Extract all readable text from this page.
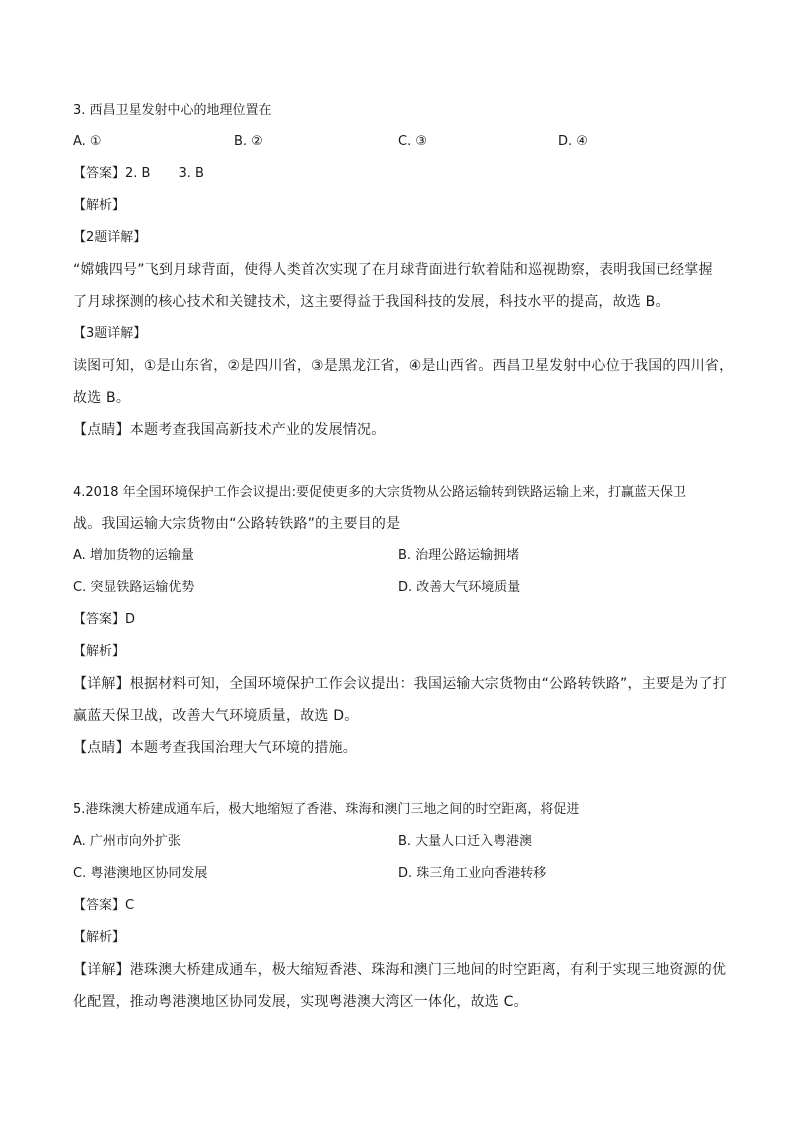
3. 西昌卫星发射中心的地理位置在
A. ①	B. ②	C. ③	D. ④
【答案】2. B 3. B
【解析】
【2题详解】
“嫦娥四号”飞到月球背面，使得人类首次实现了在月球背面进行软着陆和巡视勘察，表明我国已经掌握
了月球探测的核心技术和关键技术，这主要得益于我国科技的发展，科技水平的提高，故选 B。
【3题详解】
读图可知，①是山东省，②是四川省，③是黑龙江省，④是山西省。西昌卫星发射中心位于我国的四川省，
故选 B。
【点睛】本题考查我国高新技术产业的发展情况。
4.2018 年全国环境保护工作会议提出:要促使更多的大宗货物从公路运输转到铁路运输上来，打赢蓝天保卫
战。我国运输大宗货物由“公路转铁路”的主要目的是
A. 增加货物的运输量	B. 治理公路运输拥堵
C. 突显铁路运输优势	D. 改善大气环境质量
【答案】D
【解析】
【详解】根据材料可知，全国环境保护工作会议提出：我国运输大宗货物由“公路转铁路”，主要是为了打
赢蓝天保卫战，改善大气环境质量，故选 D。
【点睛】本题考查我国治理大气环境的措施。
5.港珠澳大桥建成通车后，极大地缩短了香港、珠海和澳门三地之间的时空距离，将促进
A. 广州市向外扩张	B. 大量人口迁入粤港澳
C. 粤港澳地区协同发展	D. 珠三角工业向香港转移
【答案】C
【解析】
【详解】港珠澳大桥建成通车，极大缩短香港、珠海和澳门三地间的时空距离，有利于实现三地资源的优
化配置，推动粤港澳地区协同发展，实现粤港澳大湾区一体化，故选 C。
